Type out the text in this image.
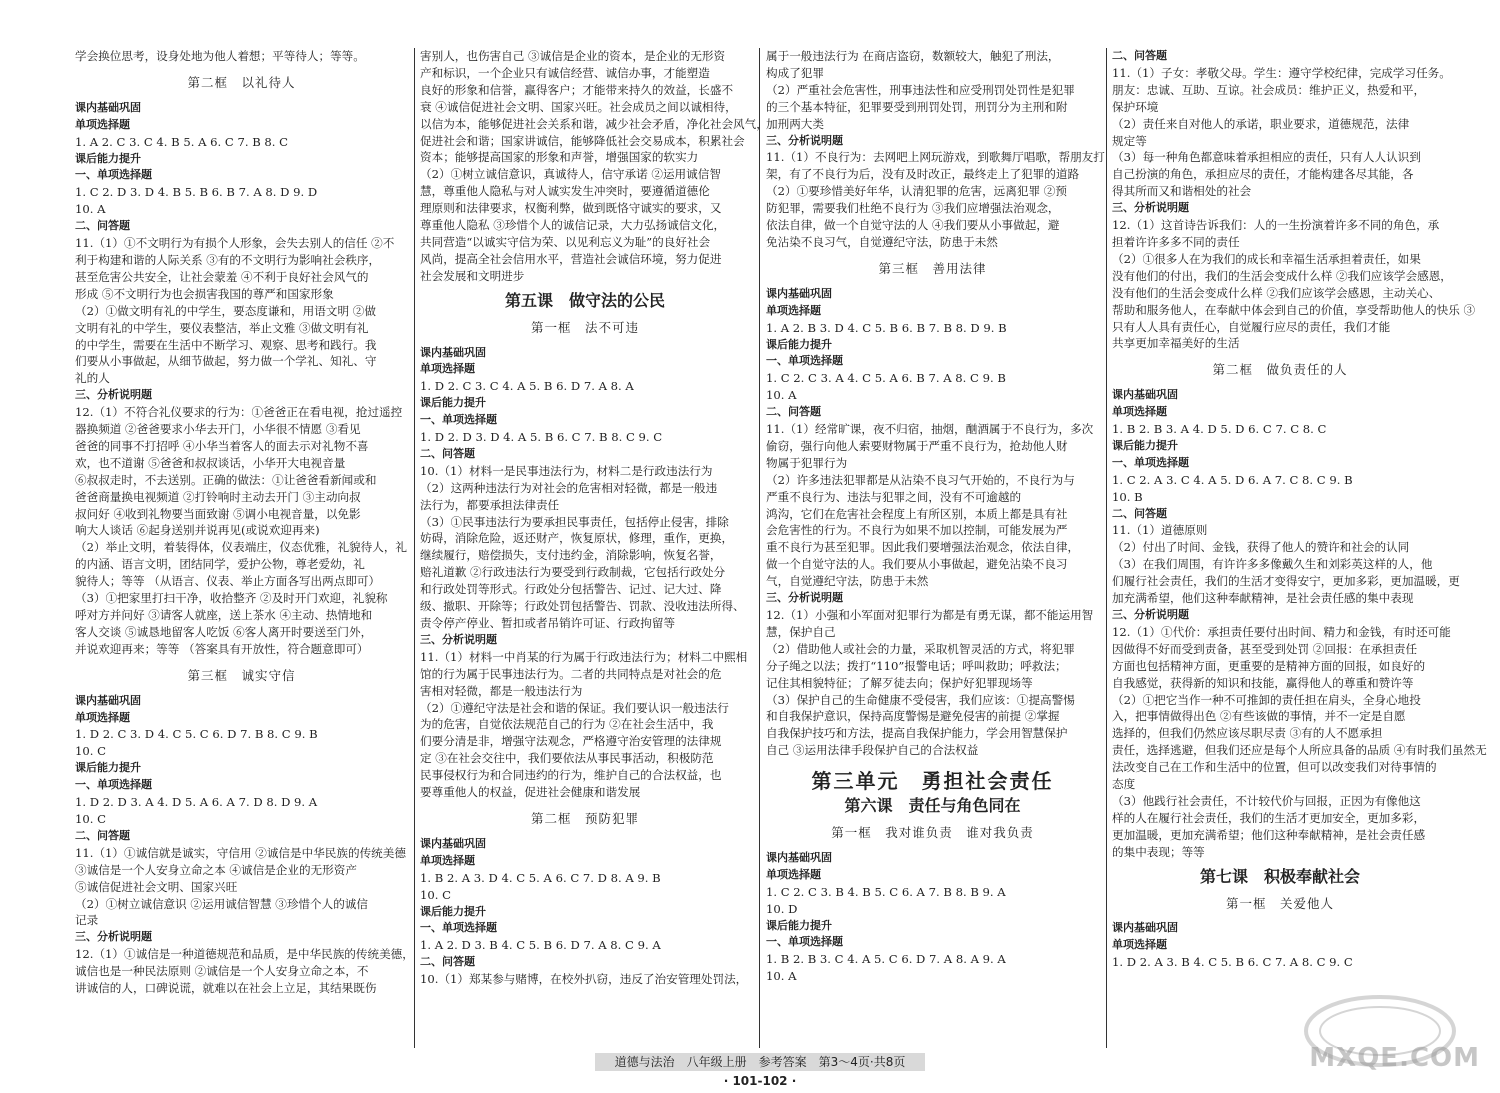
学会换位思考，设身处地为他人着想；平等待人；等等。
第二框　以礼待人
课内基础巩固
单项选择题
1. A 2. C 3. C 4. B 5. A 6. C 7. B 8. C
课后能力提升
一、单项选择题
1. C 2. D 3. D 4. B 5. B 6. B 7. A 8. D 9. D
10. A
二、问答题
11.（1）①不文明行为有损个人形象，会失去别人的信任 ②不
利于构建和谐的人际关系 ③有的不文明行为影响社会秩序，
甚至危害公共安全，让社会蒙羞 ④不利于良好社会风气的
形成 ⑤不文明行为也会损害我国的尊严和国家形象
（2）①做文明有礼的中学生，要态度谦和，用语文明 ②做
文明有礼的中学生，要仪表整洁，举止文雅 ③做文明有礼
的中学生，需要在生活中不断学习、观察、思考和践行。我
们要从小事做起，从细节做起，努力做一个学礼、知礼、守
礼的人
三、分析说明题
12.（1）不符合礼仪要求的行为：①爸爸正在看电视，抢过遥控
器换频道 ②爸爸要求小华去开门，小华很不情愿 ③看见
爸爸的同事不打招呼 ④小华当着客人的面去示对礼物不喜
欢，也不道谢 ⑤爸爸和叔叔谈话，小华开大电视音量
⑥叔叔走时，不去送别。正确的做法：①让爸爸看新闻或和
爸爸商量换电视频道 ②打铃响时主动去开门 ③主动向叔
叔问好 ④收到礼物要当面致谢 ⑤调小电视音量，以免影
响大人谈话 ⑥起身送别并说再见(或说欢迎再来)
（2）举止文明，着装得体，仪表端庄，仪态优雅，礼貌待人，礼
的内涵、语言文明，团结同学，爱护公物，尊老爱幼，礼
貌待人；等等 （从语言、仪表、举止方面各写出两点即可）
（3）①把家里打扫干净，收拾整齐 ②及时开门欢迎，礼貌称
呼对方并问好 ③请客人就座，送上茶水 ④主动、热情地和
客人交谈 ⑤诚恳地留客人吃饭 ⑥客人离开时要送至门外，
并说欢迎再来；等等 （答案具有开放性，符合题意即可）
第三框　诚实守信
课内基础巩固
单项选择题
1. D 2. C 3. D 4. C 5. C 6. D 7. B 8. C 9. B
10. C
课后能力提升
一、单项选择题
1. D 2. D 3. A 4. D 5. A 6. A 7. D 8. D 9. A
10. C
二、问答题
11.（1）①诚信就是诚实，守信用 ②诚信是中华民族的传统美德
③诚信是一个人安身立命之本 ④诚信是企业的无形资产
⑤诚信促进社会文明、国家兴旺
（2）①树立诚信意识 ②运用诚信智慧 ③珍惜个人的诚信
记录
三、分析说明题
12.（1）①诚信是一种道德规范和品质，是中华民族的传统美德，
诚信也是一种民法原则 ②诚信是一个人安身立命之本，不
讲诚信的人，口碑说谎，就难以在社会上立足，其结果既伤
害别人，也伤害自己 ③诚信是企业的资本，是企业的无形资
产和标识，一个企业只有诚信经营、诚信办事，才能塑造
良好的形象和信誉，赢得客户；才能带来持久的效益，长盛不
衰 ④诚信促进社会文明、国家兴旺。社会成员之间以诚相待，
以信为本，能够促进社会关系和谐，减少社会矛盾，净化社会风气，
促进社会和谐；国家讲诚信，能够降低社会交易成本，积累社会
资本；能够提高国家的形象和声誉，增强国家的软实力
（2）①树立诚信意识，真诚待人，信守承诺 ②运用诚信智
慧，尊重他人隐私与对人诚实发生冲突时，要遵循道德伦
理原则和法律要求，权衡利弊，做到既恪守诚实的要求，又
尊重他人隐私 ③珍惜个人的诚信记录，大力弘扬诚信文化，
共同营造“以诚实守信为荣、以见利忘义为耻”的良好社会
风尚，提高全社会信用水平，营造社会诚信环境，努力促进
社会发展和文明进步
第五课　做守法的公民
第一框　法不可违
课内基础巩固
单项选择题
1. D 2. C 3. C 4. A 5. B 6. D 7. A 8. A
课后能力提升
一、单项选择题
1. D 2. D 3. D 4. A 5. B 6. C 7. B 8. C 9. C
二、问答题
10.（1）材料一是民事违法行为，材料二是行政违法行为
（2）这两种违法行为对社会的危害相对轻微，都是一般违
法行为，都要承担法律责任
（3）①民事违法行为要承担民事责任，包括停止侵害，排除
妨碍，消除危险，返还财产，恢复原状，修理，重作，更换，
继续履行，赔偿损失，支付违约金，消除影响，恢复名誉，
赔礼道歉 ②行政违法行为要受到行政制裁，它包括行政处分
和行政处罚等形式。行政处分包括警告、记过、记大过、降
级、撤职、开除等；行政处罚包括警告、罚款、没收违法所得、
责令停产停业、暂扣或者吊销许可证、行政拘留等
三、分析说明题
11.（1）材料一中肖某的行为属于行政违法行为；材料二中熙相
馆的行为属于民事违法行为。二者的共同特点是对社会的危
害相对轻微，都是一般违法行为
（2）①遵纪守法是社会和谐的保证。我们要认识一般违法行
为的危害，自觉依法规范自己的行为 ②在社会生活中，我
们要分清是非，增强守法观念，严格遵守治安管理的法律规
定 ③在社会交往中，我们要依法从事民事活动，积极防范
民事侵权行为和合同违约的行为，维护自己的合法权益，也
要尊重他人的权益，促进社会健康和谐发展
第二框　预防犯罪
课内基础巩固
单项选择题
1. B 2. A 3. D 4. C 5. A 6. C 7. D 8. A 9. B
10. C
课后能力提升
一、单项选择题
1. A 2. D 3. B 4. C 5. B 6. D 7. A 8. C 9. A
二、问答题
10.（1）郑某参与赌博，在校外扒窃，违反了治安管理处罚法，
属于一般违法行为 在商店盗窃，数额较大，触犯了刑法，
构成了犯罪
（2）严重社会危害性，刑事违法性和应受刑罚处罚性是犯罪
的三个基本特征，犯罪要受到刑罚处罚，刑罚分为主刑和附
加刑两大类
三、分析说明题
11.（1）不良行为：去网吧上网玩游戏，到歌舞厅唱歌，帮朋友打
架，有了不良行为后，没有及时改正，最终走上了犯罪的道路
（2）①要珍惜美好年华，认清犯罪的危害，远离犯罪 ②预
防犯罪，需要我们杜绝不良行为 ③我们应增强法治观念，
依法自律，做一个自觉守法的人 ④我们要从小事做起，避
免沾染不良习气，自觉遵纪守法，防患于未然
第三框　善用法律
课内基础巩固
单项选择题
1. A 2. B 3. D 4. C 5. B 6. B 7. B 8. D 9. B
课后能力提升
一、单项选择题
1. C 2. C 3. A 4. C 5. A 6. B 7. A 8. C 9. B
10. A
二、问答题
11.（1）经常旷课，夜不归宿，抽烟，酗酒属于不良行为，多次
偷窃，强行向他人索要财物属于严重不良行为，抢劫他人财
物属于犯罪行为
（2）许多违法犯罪都是从沾染不良习气开始的，不良行为与
严重不良行为、违法与犯罪之间，没有不可逾越的
鸿沟，它们在危害社会程度上有所区别，本质上都是具有社
会危害性的行为。不良行为如果不加以控制，可能发展为严
重不良行为甚至犯罪。因此我们要增强法治观念，依法自律，
做一个自觉守法的人。我们要从小事做起，避免沾染不良习
气，自觉遵纪守法，防患于未然
三、分析说明题
12.（1）小强和小军面对犯罪行为都是有勇无谋，都不能运用智
慧，保护自己
（2）借助他人或社会的力量，采取机智灵活的方式，将犯罪
分子绳之以法；拨打“110”报警电话；呼叫救助；呼救法；
记住其相貌特征；了解歹徒去向；保护好犯罪现场等
（3）保护自己的生命健康不受侵害，我们应该：①提高警惕
和自我保护意识，保持高度警惕是避免侵害的前提 ②掌握
自我保护技巧和方法，提高自我保护能力，学会用智慧保护
自己 ③运用法律手段保护自己的合法权益
第三单元　勇担社会责任
第六课　责任与角色同在
第一框　我对谁负责　谁对我负责
课内基础巩固
单项选择题
1. C 2. C 3. B 4. B 5. C 6. A 7. B 8. B 9. A
10. D
课后能力提升
一、单项选择题
1. B 2. B 3. C 4. A 5. C 6. D 7. A 8. A 9. A
10. A
二、问答题
11.（1）子女：孝敬父母。学生：遵守学校纪律，完成学习任务。
朋友：忠诚、互助、互谅。社会成员：维护正义，热爱和平，
保护环境
（2）责任来自对他人的承诺，职业要求，道德规范，法律
规定等
（3）每一种角色都意味着承担相应的责任，只有人人认识到
自己扮演的角色，承担应尽的责任，才能构建各尽其能，各
得其所而又和谐相处的社会
三、分析说明题
12.（1）这首诗告诉我们：人的一生扮演着许多不同的角色，承
担着许许多多不同的责任
（2）①很多人在为我们的成长和幸福生活承担着责任，如果
没有他们的付出，我们的生活会变成什么样 ②我们应该学会感恩，
没有他们的生活会变成什么样 ②我们应该学会感恩，主动关心、
帮助和服务他人，在奉献中体会到自己的价值，享受帮助他人的快乐 ③
只有人人具有责任心，自觉履行应尽的责任，我们才能
共享更加幸福美好的生活
第二框　做负责任的人
课内基础巩固
单项选择题
1. B 2. B 3. A 4. D 5. D 6. C 7. C 8. C
课后能力提升
一、单项选择题
1. C 2. A 3. C 4. A 5. D 6. A 7. C 8. C 9. B
10. B
二、问答题
11.（1）道德原则
（2）付出了时间、金钱，获得了他人的赞许和社会的认同
（3）在我们周围，有许许多多像戴久生和刘彩英这样的人，他
们履行社会责任，我们的生活才变得安宁，更加多彩，更加温暖，更
加充满希望，他们这种奉献精神，是社会责任感的集中表现
三、分析说明题
12.（1）①代价：承担责任要付出时间、精力和金钱，有时还可能
因做得不好而受到责备，甚至受到处罚 ②回报：在承担责任
方面也包括精神方面，更重要的是精神方面的回报，如良好的
自我感觉，获得新的知识和技能，赢得他人的尊重和赞许等
（2）①把它当作一种不可推卸的责任担在肩头，全身心地投
入，把事情做得出色 ②有些该做的事情，并不一定是自愿
选择的，但我们仍然应该尽职尽责 ③有的人不愿承担
责任，选择逃避，但我们还应是每个人所应具备的品质 ④有时我们虽然无
法改变自己在工作和生活中的位置，但可以改变我们对待事情的
态度
（3）他践行社会责任，不计较代价与回报，正因为有像他这
样的人在履行社会责任，我们的生活才更加安全，更加多彩，
更加温暖，更加充满希望；他们这种奉献精神，是社会责任感
的集中表现；等等
第七课　积极奉献社会
第一框　关爱他人
课内基础巩固
单项选择题
1. D 2. A 3. B 4. C 5. B 6. C 7. A 8. C 9. C
道德与法治　八年级上册　参考答案　第3～4页·共8页
· 101-102 ·
MXQE.COM
